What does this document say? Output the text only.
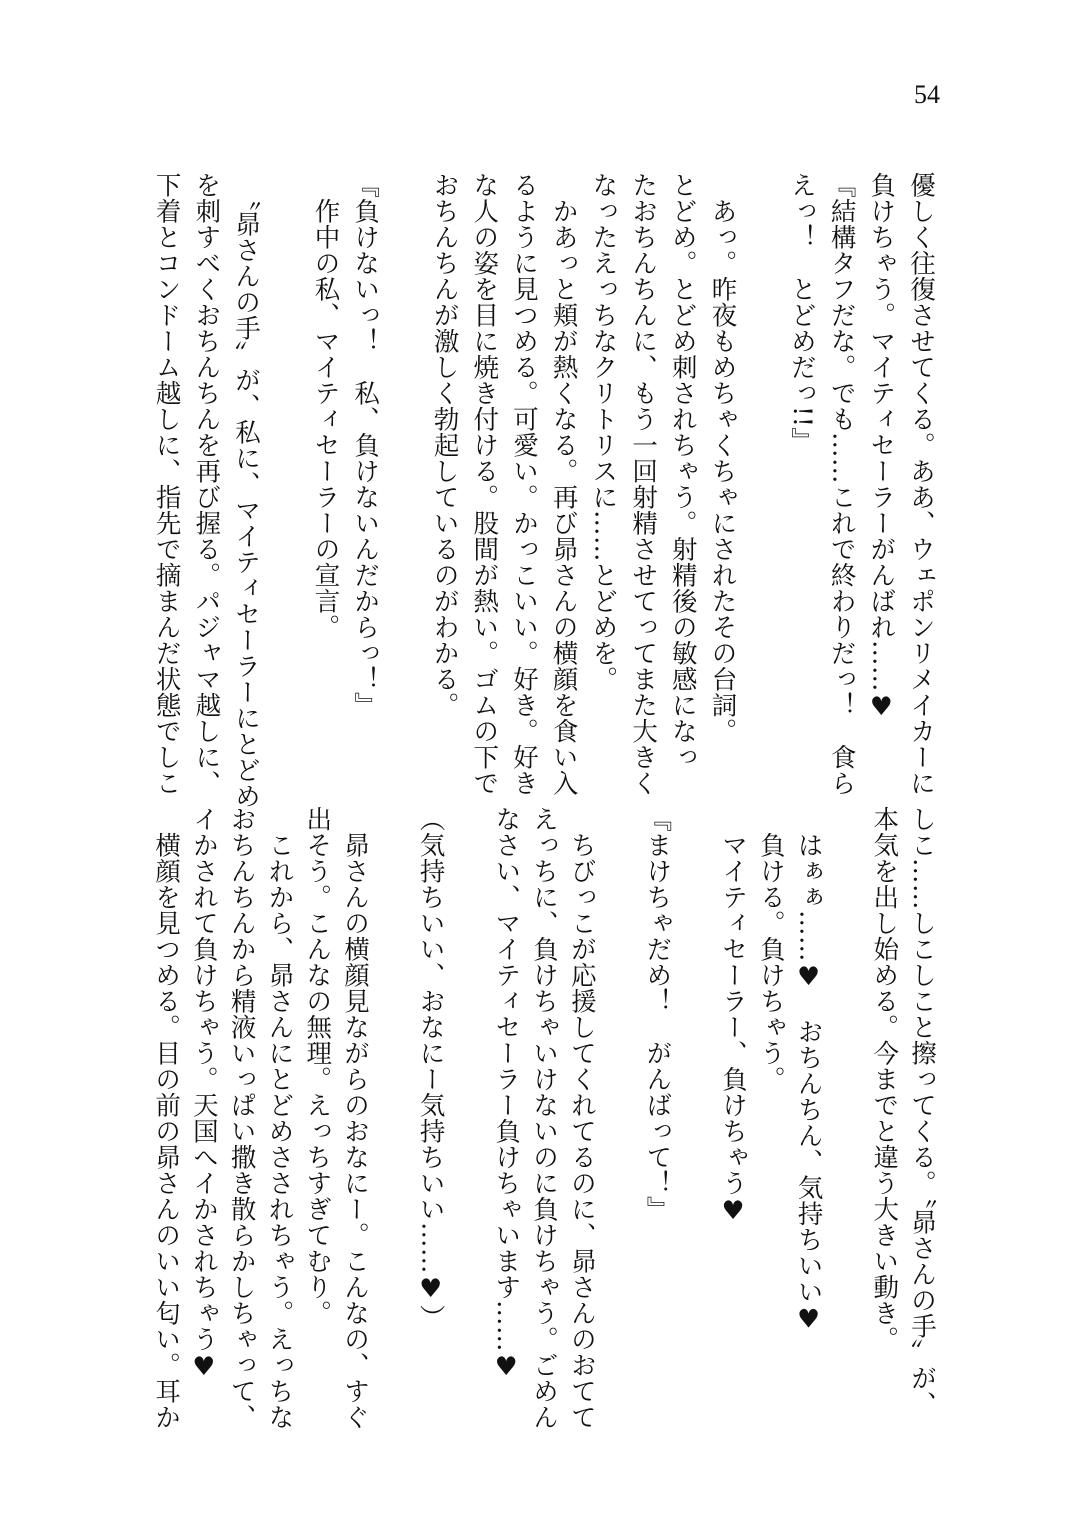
54
優しく往復させてくる。ああ、ウェポンリメイカーに
負けちゃう。マイティセーラーがんばれ……♥
『結構タフだな。でも……これで終わりだっ！　食ら
えっ！　とどめだっ!!』

　あっ。昨夜もめちゃくちゃにされたその台詞。
とどめ。とどめ刺されちゃう。射精後の敏感になっ
たおちんちんに、もう一回射精させてってまた大きく
なったえっちなクリトリスに……とどめを。
　かあっと頬が熱くなる。再び昴さんの横顔を食い入
るように見つめる。可愛い。かっこいい。好き。好き
な人の姿を目に焼き付ける。股間が熱い。ゴムの下で
おちんちんが激しく勃起しているのがわかる。

『負けないっ！　私、負けないんだからっ！』
　作中の私、マイティセーラーの宣言。

　〝昴さんの手〟が、私に、マイティセーラーにとどめ
を刺すべくおちんちんを再び握る。パジャマ越しに、
下着とコンドーム越しに、指先で摘まんだ状態でしこ
しこ……しこしこと擦ってくる。〝昴さんの手〟が、
本気を出し始める。今までと違う大きい動き。

　はぁぁ……♥　おちんちん、気持ちいい♥
　負ける。負けちゃう。
　マイティセーラー、負けちゃう♥

『まけちゃだめ！　がんばって！』

　ちびっこが応援してくれてるのに、昴さんのおてて
えっちに、負けちゃいけないのに負けちゃう。ごめん
なさい、マイティセーラー負けちゃいます……♥

（気持ちいい、おなにー気持ちいい……♥）

　昴さんの横顔見ながらのおなにー。こんなの、すぐ
出そう。こんなの無理。えっちすぎてむり。
　これから、昴さんにとどめさされちゃう。えっちな
おちんちんから精液いっぱい撒き散らかしちゃって、
イかされて負けちゃう。天国へイかされちゃう♥
　横顔を見つめる。目の前の昴さんのいい匂い。耳か
